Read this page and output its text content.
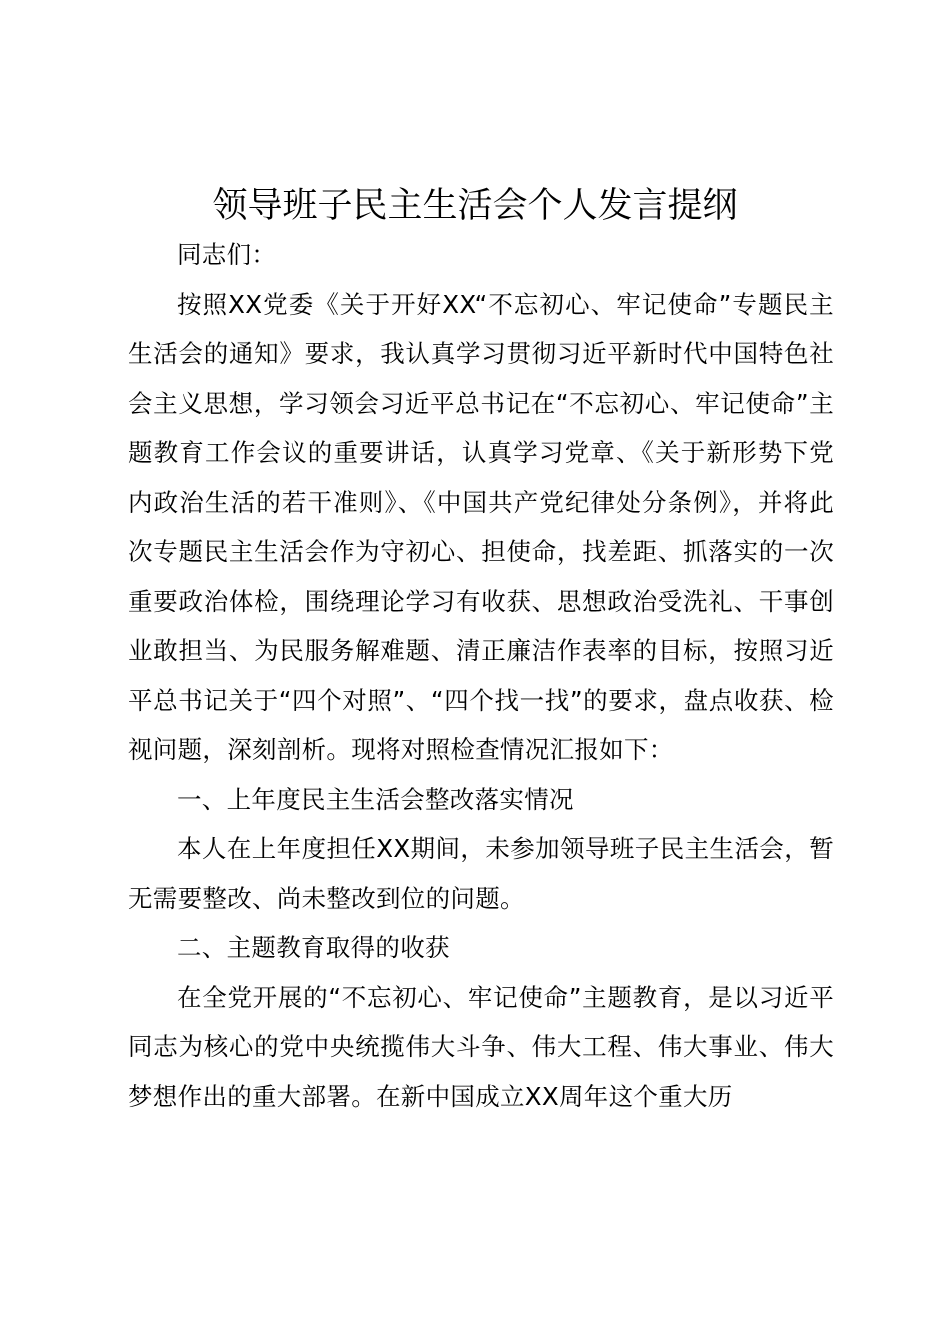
领导班子民主生活会个人发言提纲

同志们：

按照XX党委《关于开好XX“不忘初心、牢记使命”专题民主生活会的通知》要求，我认真学习贯彻习近平新时代中国特色社会主义思想，学习领会习近平总书记在“不忘初心、牢记使命”主题教育工作会议的重要讲话，认真学习党章、《关于新形势下党内政治生活的若干准则》、《中国共产党纪律处分条例》，并将此次专题民主生活会作为守初心、担使命，找差距、抓落实的一次重要政治体检，围绕理论学习有收获、思想政治受洗礼、干事创业敢担当、为民服务解难题、清正廉洁作表率的目标，按照习近平总书记关于“四个对照”、“四个找一找”的要求，盘点收获、检视问题，深刻剖析。现将对照检查情况汇报如下：

一、上年度民主生活会整改落实情况

本人在上年度担任XX期间，未参加领导班子民主生活会，暂无需要整改、尚未整改到位的问题。

二、主题教育取得的收获

在全党开展的“不忘初心、牢记使命”主题教育，是以习近平同志为核心的党中央统揽伟大斗争、伟大工程、伟大事业、伟大梦想作出的重大部署。在新中国成立XX周年这个重大历
